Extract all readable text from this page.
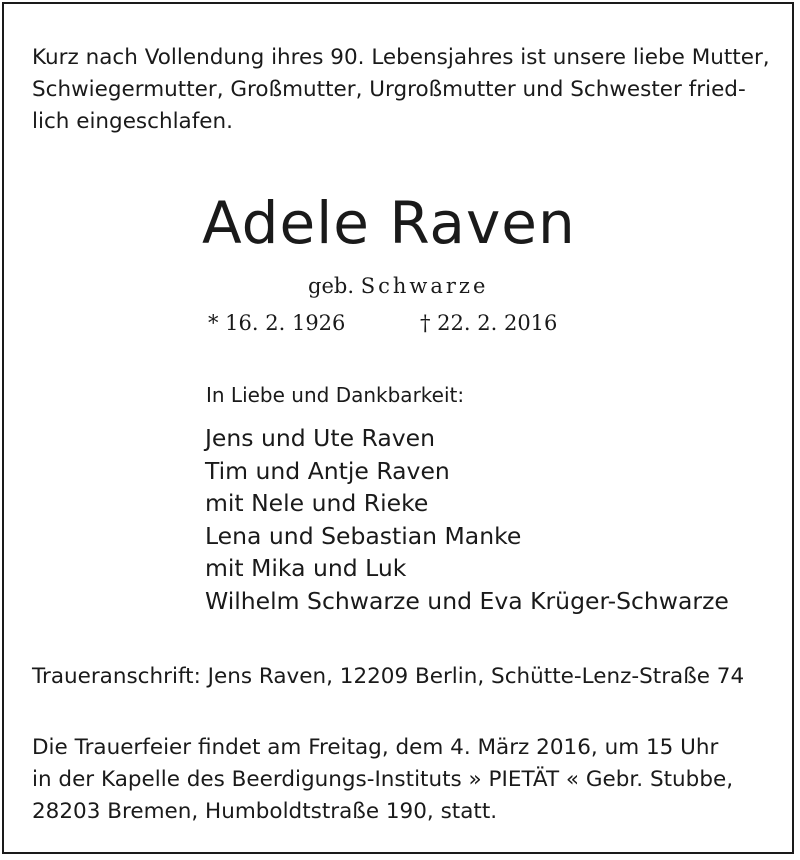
Kurz nach Vollendung ihres 90. Lebensjahres ist unsere liebe Mutter,
Schwiegermutter, Großmutter, Urgroßmutter und Schwester fried-
lich eingeschlafen.

Adele Raven
geb. Schwarze
* 16. 2. 1926	† 22. 2. 2016
In Liebe und Dankbarkeit:
Jens und Ute Raven
Tim und Antje Raven
mit Nele und Rieke
Lena und Sebastian Manke
mit Mika und Luk
Wilhelm Schwarze und Eva Krüger-Schwarze
Traueranschrift: Jens Raven, 12209 Berlin, Schütte-Lenz-Straße 74

Die Trauerfeier findet am Freitag, dem 4. März 2016, um 15 Uhr
in der Kapelle des Beerdigungs-Instituts » PIETÄT « Gebr. Stubbe,
28203 Bremen, Humboldtstraße 190, statt.
